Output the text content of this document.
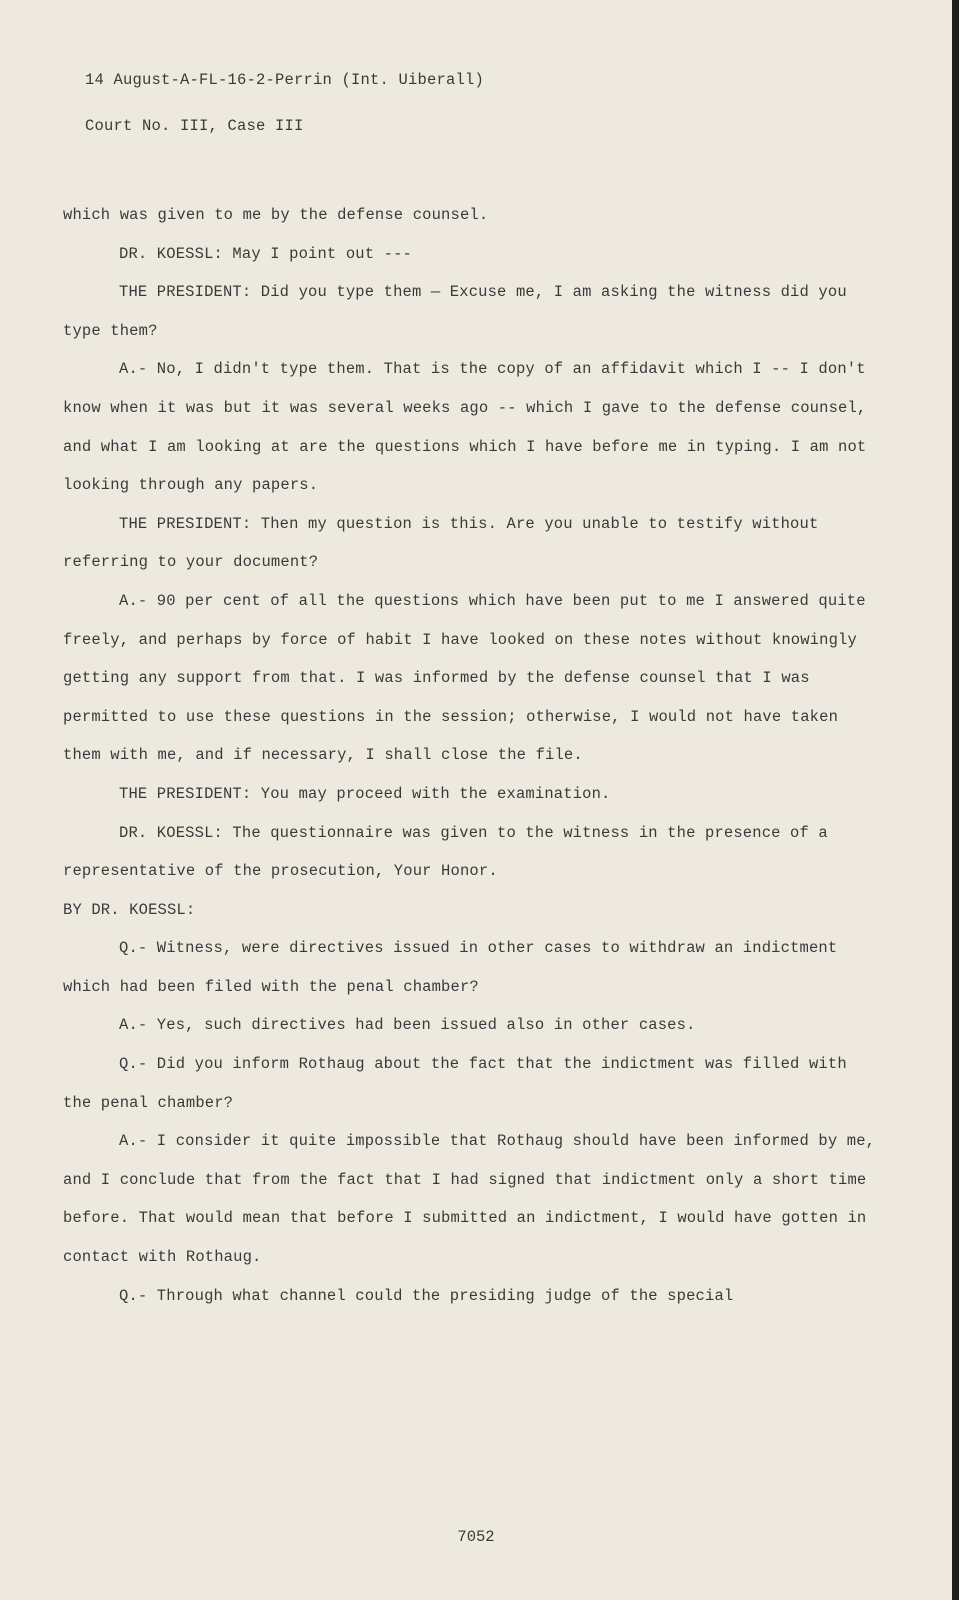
14 August-A-FL-16-2-Perrin (Int. Uiberall)
Court No. III, Case III

which was given to me by the defense counsel.

DR. KOESSL: May I point out ---

THE PRESIDENT: Did you type them — Excuse me, I am asking the witness did you type them?

A.- No, I didn't type them. That is the copy of an affidavit which I -- I don't know when it was but it was several weeks ago -- which I gave to the defense counsel, and what I am looking at are the questions which I have before me in typing. I am not looking through any papers.

THE PRESIDENT: Then my question is this. Are you unable to testify without referring to your document?

A.- 90 per cent of all the questions which have been put to me I answered quite freely, and perhaps by force of habit I have looked on these notes without knowingly getting any support from that. I was informed by the defense counsel that I was permitted to use these questions in the session; otherwise, I would not have taken them with me, and if necessary, I shall close the file.

THE PRESIDENT: You may proceed with the examination.

DR. KOESSL: The questionnaire was given to the witness in the presence of a representative of the prosecution, Your Honor.

BY DR. KOESSL:

Q.- Witness, were directives issued in other cases to withdraw an indictment which had been filed with the penal chamber?

A.- Yes, such directives had been issued also in other cases.

Q.- Did you inform Rothaug about the fact that the indictment was filled with the penal chamber?

A.- I consider it quite impossible that Rothaug should have been informed by me, and I conclude that from the fact that I had signed that indictment only a short time before. That would mean that before I submitted an indictment, I would have gotten in contact with Rothaug.

Q.- Through what channel could the presiding judge of the special

7052
